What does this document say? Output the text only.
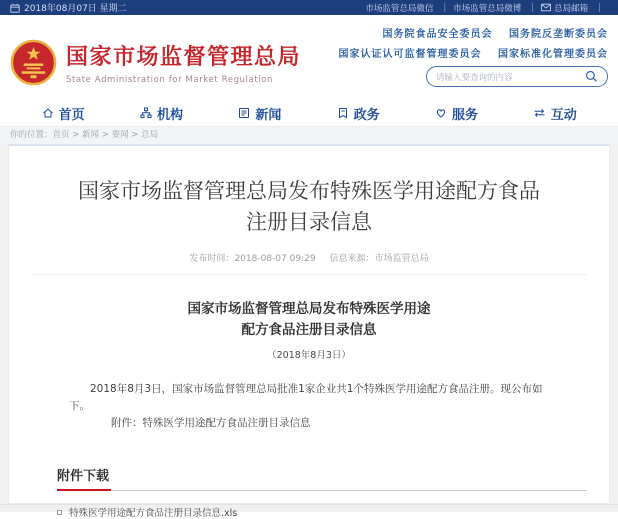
2018年08月07日 星期二	市场监管总局微信
| 市场监管总局微博
|	总局邮箱
|
国家市场监督管理总局
State Administration for Market Regulation
国务院食品安全委员会 国务院反垄断委员会
国家认证认可监督管理委员会 国家标准化管理委员会
请输入要查询的内容
首页	机构	新闻	政务	服务	互动
你的位置：首页 > 新闻 > 要闻 > 总局
国家市场监督管理总局发布特殊医学用途配方食品注册目录信息
发布时间：2018-08-07 09:29 信息来源：市场监管总局
国家市场监督管理总局发布特殊医学用途配方食品注册目录信息
（2018年8月3日）

2018年8月3日，国家市场监督管理总局批准1家企业共1个特殊医学用途配方食品注册。现公布如下。

附件：特殊医学用途配方食品注册目录信息

附件下载
特殊医学用途配方食品注册目录信息.xls
